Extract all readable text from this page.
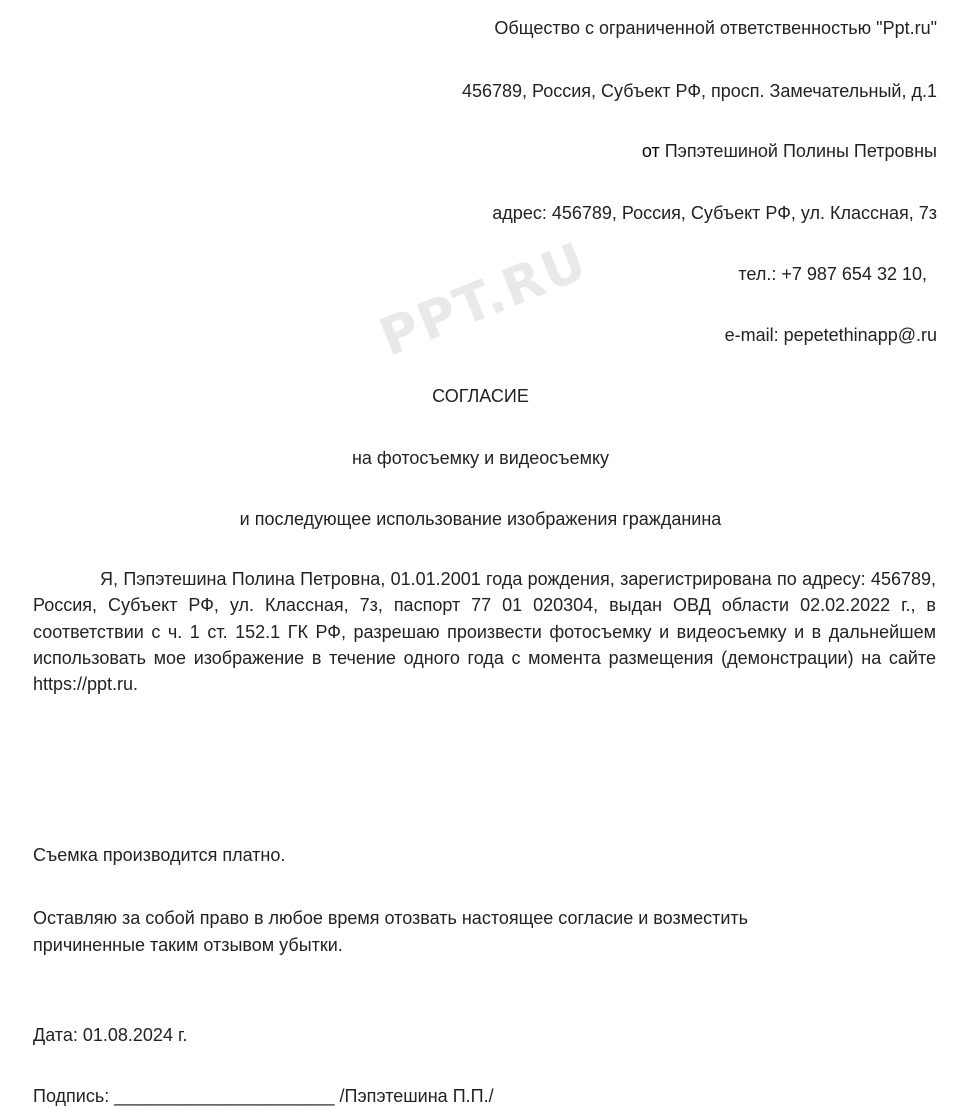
PPT.RU
Общество с ограниченной ответственностью "Ppt.ru"
456789, Россия, Субъект РФ, просп. Замечательный, д.1
от Пэпэтешиной Полины Петровны
адрес: 456789, Россия, Субъект РФ, ул. Классная, 7з
тел.: +7 987 654 32 10,
e-mail: pepetethinapp@.ru
СОГЛАСИЕ
на фотосъемку и видеосъемку
и последующее использование изображения гражданина
Я, Пэпэтешина Полина Петровна, 01.01.2001 года рождения, зарегистрирована по адресу: 456789, Россия, Субъект РФ, ул. Классная, 7з, паспорт 77 01 020304, выдан ОВД области 02.02.2022 г., в соответствии с ч. 1 ст. 152.1 ГК РФ, разрешаю произвести фотосъемку и видеосъемку и в дальнейшем использовать мое изображение в течение одного года с момента размещения (демонстрации) на сайте https://ppt.ru.
Съемка производится платно.
Оставляю за собой право в любое время отозвать настоящее согласие и возместить причиненные таким отзывом убытки.
Дата: 01.08.2024 г.
Подпись: ______________________ /Пэпэтешина П.П./
